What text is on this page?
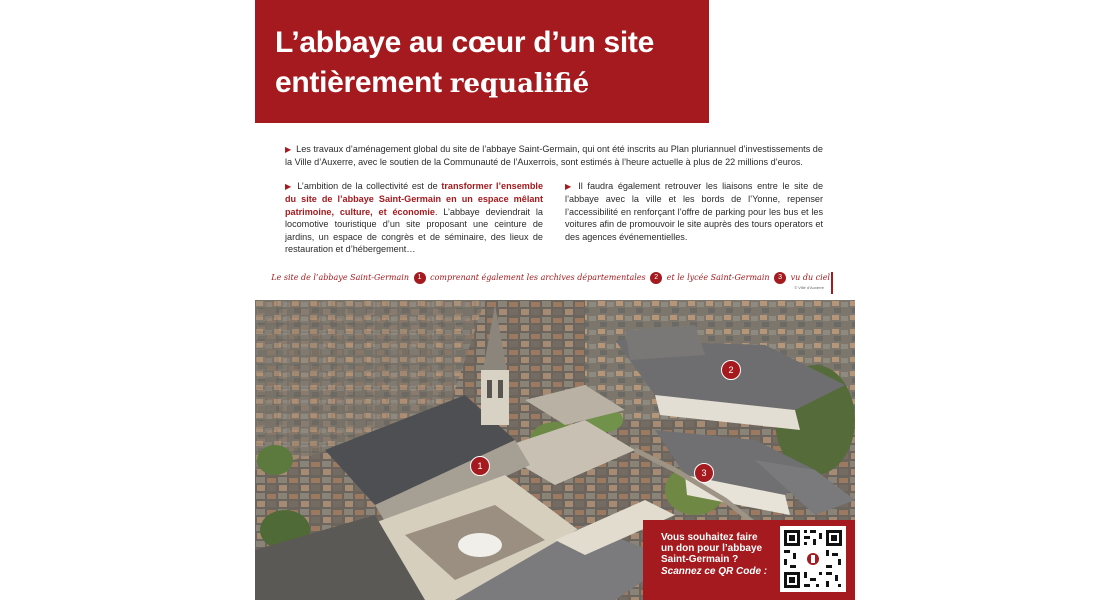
L’abbaye au cœur d’un site
entièrement requalifié
▶ Les travaux d’aménagement global du site de l’abbaye Saint-Germain, qui ont été inscrits au Plan pluriannuel d’investissements de la Ville d’Auxerre, avec le soutien de la Communauté de l’Auxerrois, sont estimés à l’heure actuelle à plus de 22 millions d’euros.
▶ L’ambition de la collectivité est de transformer l’ensemble du site de l’abbaye Saint-Germain en un espace mêlant patrimoine, culture, et économie. L’abbaye deviendrait la locomotive touristique d’un site proposant une ceinture de jardins, un espace de congrès et de séminaire, des lieux de restauration et d’hébergement…
▶ Il faudra également retrouver les liaisons entre le site de l’abbaye avec la ville et les bords de l’Yonne, repenser l’accessibilité en renforçant l’offre de parking pour les bus et les voitures afin de promouvoir le site auprès des tours operators et des agences événementielles.
Le site de l’abbaye Saint-Germain 1 comprenant également les archives départementales 2 et le lycée Saint-Germain 3 vu du ciel
© Ville d’Auxerre
1
2
3
Vous souhaitez faire
un don pour l’abbaye
Saint-Germain ?
Scannez ce QR Code :
